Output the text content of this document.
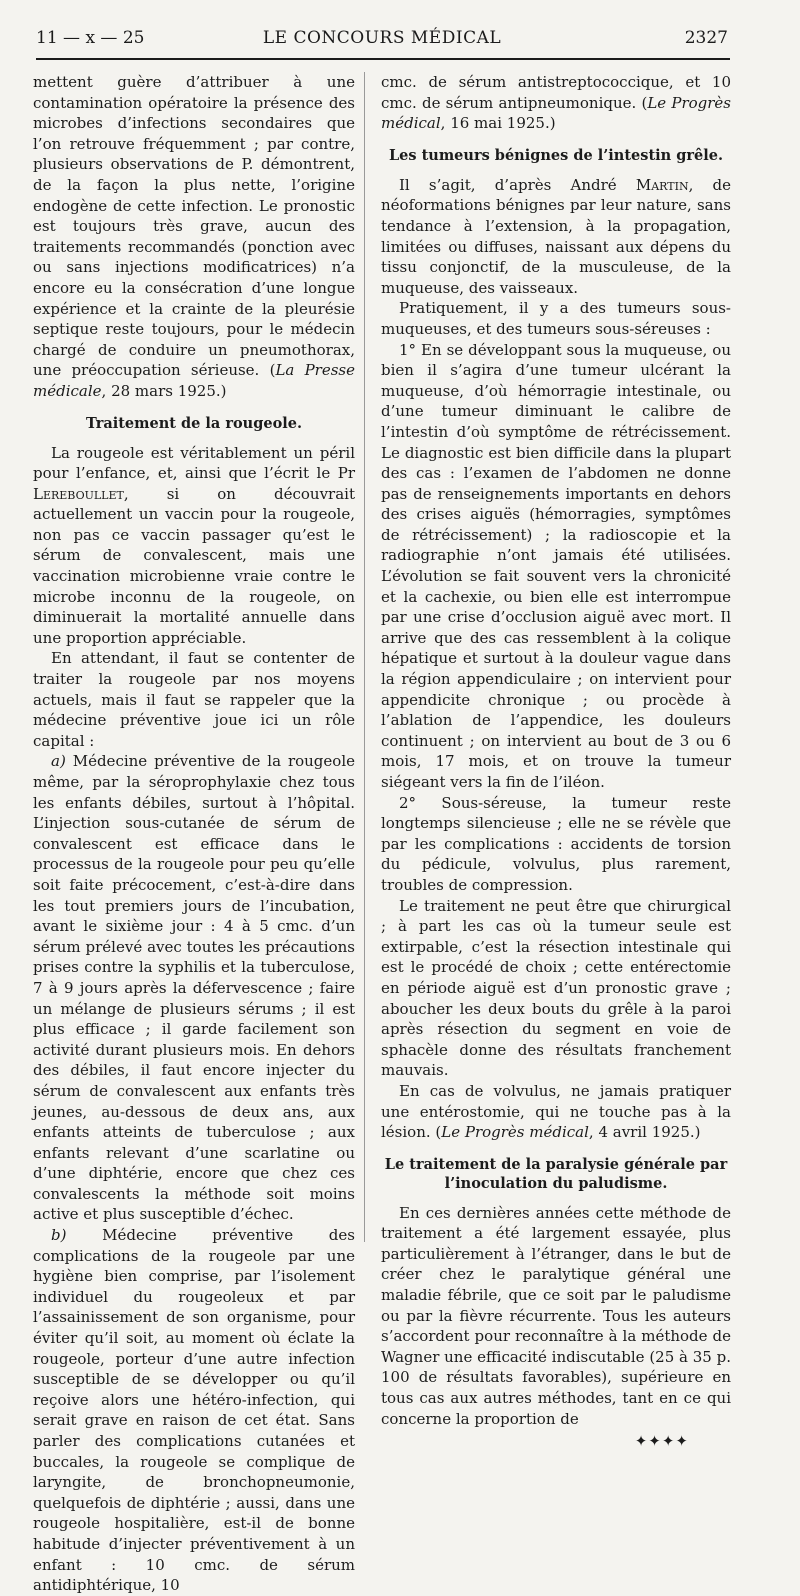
11 — x — 25	LE CONCOURS MÉDICAL	2327

mettent guère d’attribuer à une contamination opératoire la présence des microbes d’infections secondaires que l’on retrouve fréquemment ; par contre, plusieurs observations de P. démontrent, de la façon la plus nette, l’origine endogène de cette infection. Le pronostic est toujours très grave, aucun des traitements recommandés (ponction avec ou sans injections modificatrices) n’a encore eu la consécration d’une longue expérience et la crainte de la pleurésie septique reste toujours, pour le médecin chargé de conduire un pneumothorax, une préoccupation sérieuse. (La Presse médicale, 28 mars 1925.)

Traitement de la rougeole.

La rougeole est véritablement un péril pour l’enfance, et, ainsi que l’écrit le Pr Lereboullet, si on découvrait actuellement un vaccin pour la rougeole, non pas ce vaccin passager qu’est le sérum de convalescent, mais une vaccination microbienne vraie contre le microbe inconnu de la rougeole, on diminuerait la mortalité annuelle dans une proportion appréciable.

En attendant, il faut se contenter de traiter la rougeole par nos moyens actuels, mais il faut se rappeler que la médecine préventive joue ici un rôle capital :

a) Médecine préventive de la rougeole même, par la séroprophylaxie chez tous les enfants débiles, surtout à l’hôpital. L’injection sous-cutanée de sérum de convalescent est efficace dans le processus de la rougeole pour peu qu’elle soit faite précocement, c’est-à-dire dans les tout premiers jours de l’incubation, avant le sixième jour : 4 à 5 cmc. d’un sérum prélevé avec toutes les précautions prises contre la syphilis et la tuberculose, 7 à 9 jours après la défervescence ; faire un mélange de plusieurs sérums ; il est plus efficace ; il garde facilement son activité durant plusieurs mois. En dehors des débiles, il faut encore injecter du sérum de convalescent aux enfants très jeunes, au-dessous de deux ans, aux enfants atteints de tuberculose ; aux enfants relevant d’une scarlatine ou d’une diphtérie, encore que chez ces convalescents la méthode soit moins active et plus susceptible d’échec.

b) Médecine préventive des complications de la rougeole par une hygiène bien comprise, par l’isolement individuel du rougeoleux et par l’assainissement de son organisme, pour éviter qu’il soit, au moment où éclate la rougeole, porteur d’une autre infection susceptible de se développer ou qu’il reçoive alors une hétéro-infection, qui serait grave en raison de cet état. Sans parler des complications cutanées et buccales, la rougeole se complique de laryngite, de bronchopneumonie, quelquefois de diphtérie ; aussi, dans une rougeole hospitalière, est-il de bonne habitude d’injecter préventivement à un enfant : 10 cmc. de sérum antidiphtérique, 10

cmc. de sérum antistreptococcique, et 10 cmc. de sérum antipneumonique. (Le Progrès médical, 16 mai 1925.)

Les tumeurs bénignes de l’intestin grêle.

Il s’agit, d’après André Martin, de néoformations bénignes par leur nature, sans tendance à l’extension, à la propagation, limitées ou diffuses, naissant aux dépens du tissu conjonctif, de la musculeuse, de la muqueuse, des vaisseaux.

Pratiquement, il y a des tumeurs sous-muqueuses, et des tumeurs sous-séreuses :

1° En se développant sous la muqueuse, ou bien il s’agira d’une tumeur ulcérant la muqueuse, d’où hémorragie intestinale, ou d’une tumeur diminuant le calibre de l’intestin d’où symptôme de rétrécissement. Le diagnostic est bien difficile dans la plupart des cas : l’examen de l’abdomen ne donne pas de renseignements importants en dehors des crises aiguës (hémorragies, symptômes de rétrécissement) ; la radioscopie et la radiographie n’ont jamais été utilisées. L’évolution se fait souvent vers la chronicité et la cachexie, ou bien elle est interrompue par une crise d’occlusion aiguë avec mort. Il arrive que des cas ressemblent à la colique hépatique et surtout à la douleur vague dans la région appendiculaire ; on intervient pour appendicite chronique ; ou procède à l’ablation de l’appendice, les douleurs continuent ; on intervient au bout de 3 ou 6 mois, 17 mois, et on trouve la tumeur siégeant vers la fin de l’iléon.

2° Sous-séreuse, la tumeur reste longtemps silencieuse ; elle ne se révèle que par les complications : accidents de torsion du pédicule, volvulus, plus rarement, troubles de compression.

Le traitement ne peut être que chirurgical ; à part les cas où la tumeur seule est extirpable, c’est la résection intestinale qui est le procédé de choix ; cette entérectomie en période aiguë est d’un pronostic grave ; aboucher les deux bouts du grêle à la paroi après résection du segment en voie de sphacèle donne des résultats franchement mauvais.

En cas de volvulus, ne jamais pratiquer une entérostomie, qui ne touche pas à la lésion. (Le Progrès médical, 4 avril 1925.)

Le traitement de la paralysie générale par l’inoculation du paludisme.

En ces dernières années cette méthode de traitement a été largement essayée, plus particulièrement à l’étranger, dans le but de créer chez le paralytique général une maladie fébrile, que ce soit par le paludisme ou par la fièvre récurrente. Tous les auteurs s’accordent pour reconnaître à la méthode de Wagner une efficacité indiscutable (25 à 35 p. 100 de résultats favorables), supérieure en tous cas aux autres méthodes, tant en ce qui concerne la proportion de

✦✦✦✦
